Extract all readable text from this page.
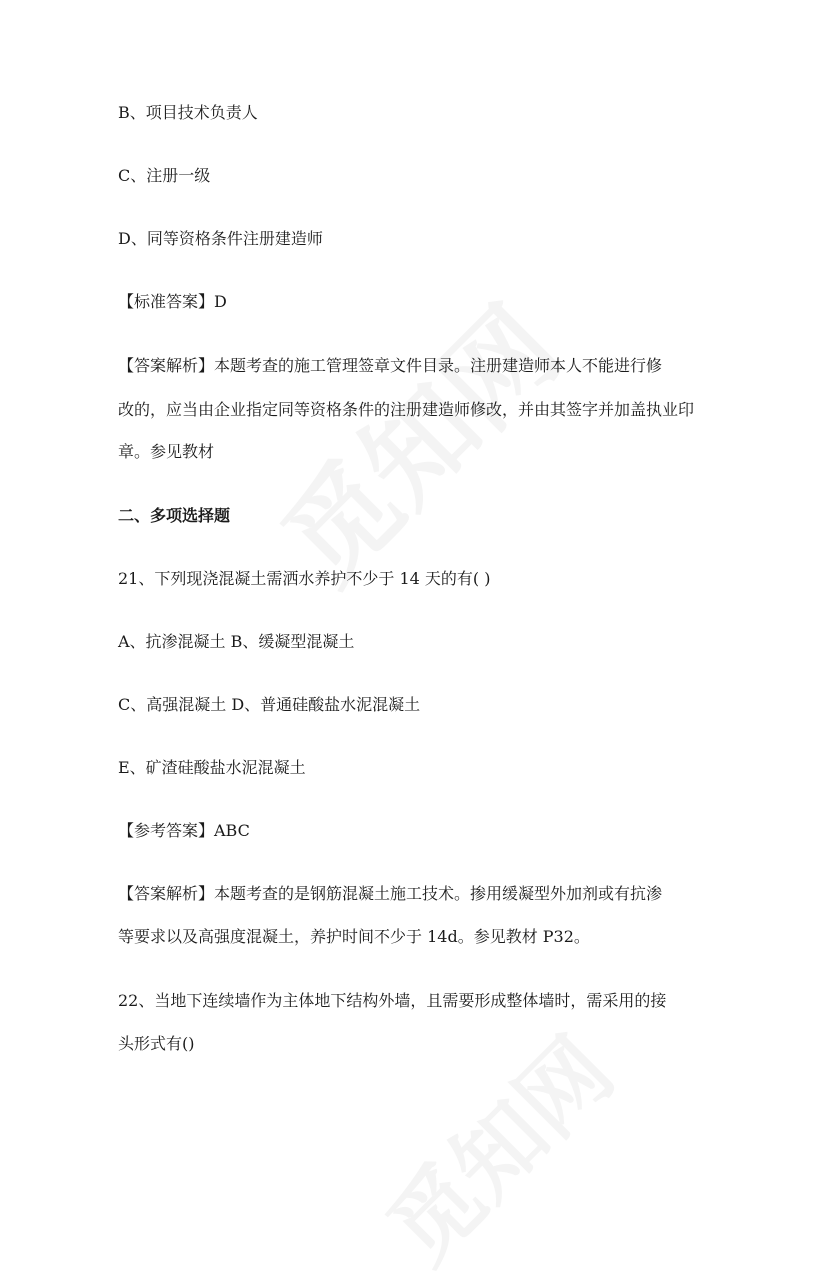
B、项目技术负责人
C、注册一级
D、同等资格条件注册建造师
【标准答案】D
【答案解析】本题考查的施工管理签章文件目录。注册建造师本人不能进行修
改的，应当由企业指定同等资格条件的注册建造师修改，并由其签字并加盖执业印
章。参见教材
二、多项选择题
21、下列现浇混凝土需洒水养护不少于 14 天的有( )
A、抗渗混凝土 B、缓凝型混凝土
C、高强混凝土 D、普通硅酸盐水泥混凝土
E、矿渣硅酸盐水泥混凝土
【参考答案】ABC
【答案解析】本题考查的是钢筋混凝土施工技术。掺用缓凝型外加剂或有抗渗
等要求以及高强度混凝土，养护时间不少于 14d。参见教材 P32。
22、当地下连续墙作为主体地下结构外墙，且需要形成整体墙时，需采用的接
头形式有()
